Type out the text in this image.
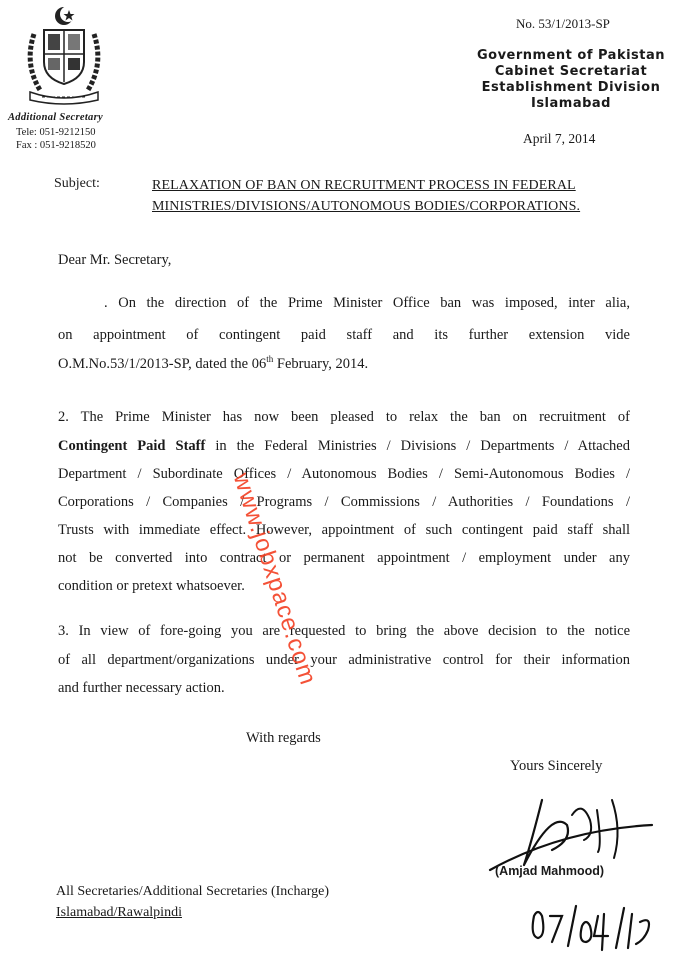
Additional Secretary
Tele: 051-9212150
Fax : 051-9218520
No. 53/1/2013-SP
Government of Pakistan
Cabinet Secretariat
Establishment Division
Islamabad
April 7, 2014
Subject:	RELAXATION OF BAN ON RECRUITMENT PROCESS IN FEDERAL
MINISTRIES/DIVISIONS/AUTONOMOUS BODIES/CORPORATIONS.
Dear Mr. Secretary,
. On the direction of the Prime Minister Office ban was imposed, inter alia,
on appointment of contingent paid staff and its further extension vide
O.M.No.53/1/2013-SP, dated the 06th February, 2014.
2. The Prime Minister has now been pleased to relax the ban on recruitment of
Contingent Paid Staff in the Federal Ministries / Divisions / Departments / Attached
Department / Subordinate Offices / Autonomous Bodies / Semi-Autonomous Bodies /
Corporations / Companies / Programs / Commissions / Authorities / Foundations /
Trusts with immediate effect. However, appointment of such contingent paid staff shall
not be converted into contract or permanent appointment / employment under any
condition or pretext whatsoever.
3. In view of fore-going you are requested to bring the above decision to the notice
of all department/organizations under your administrative control for their information
and further necessary action.
With regards
Yours Sincerely
(Amjad Mahmood)
All Secretaries/Additional Secretaries (Incharge)
Islamabad/Rawalpindi
www.jobxpace.com
